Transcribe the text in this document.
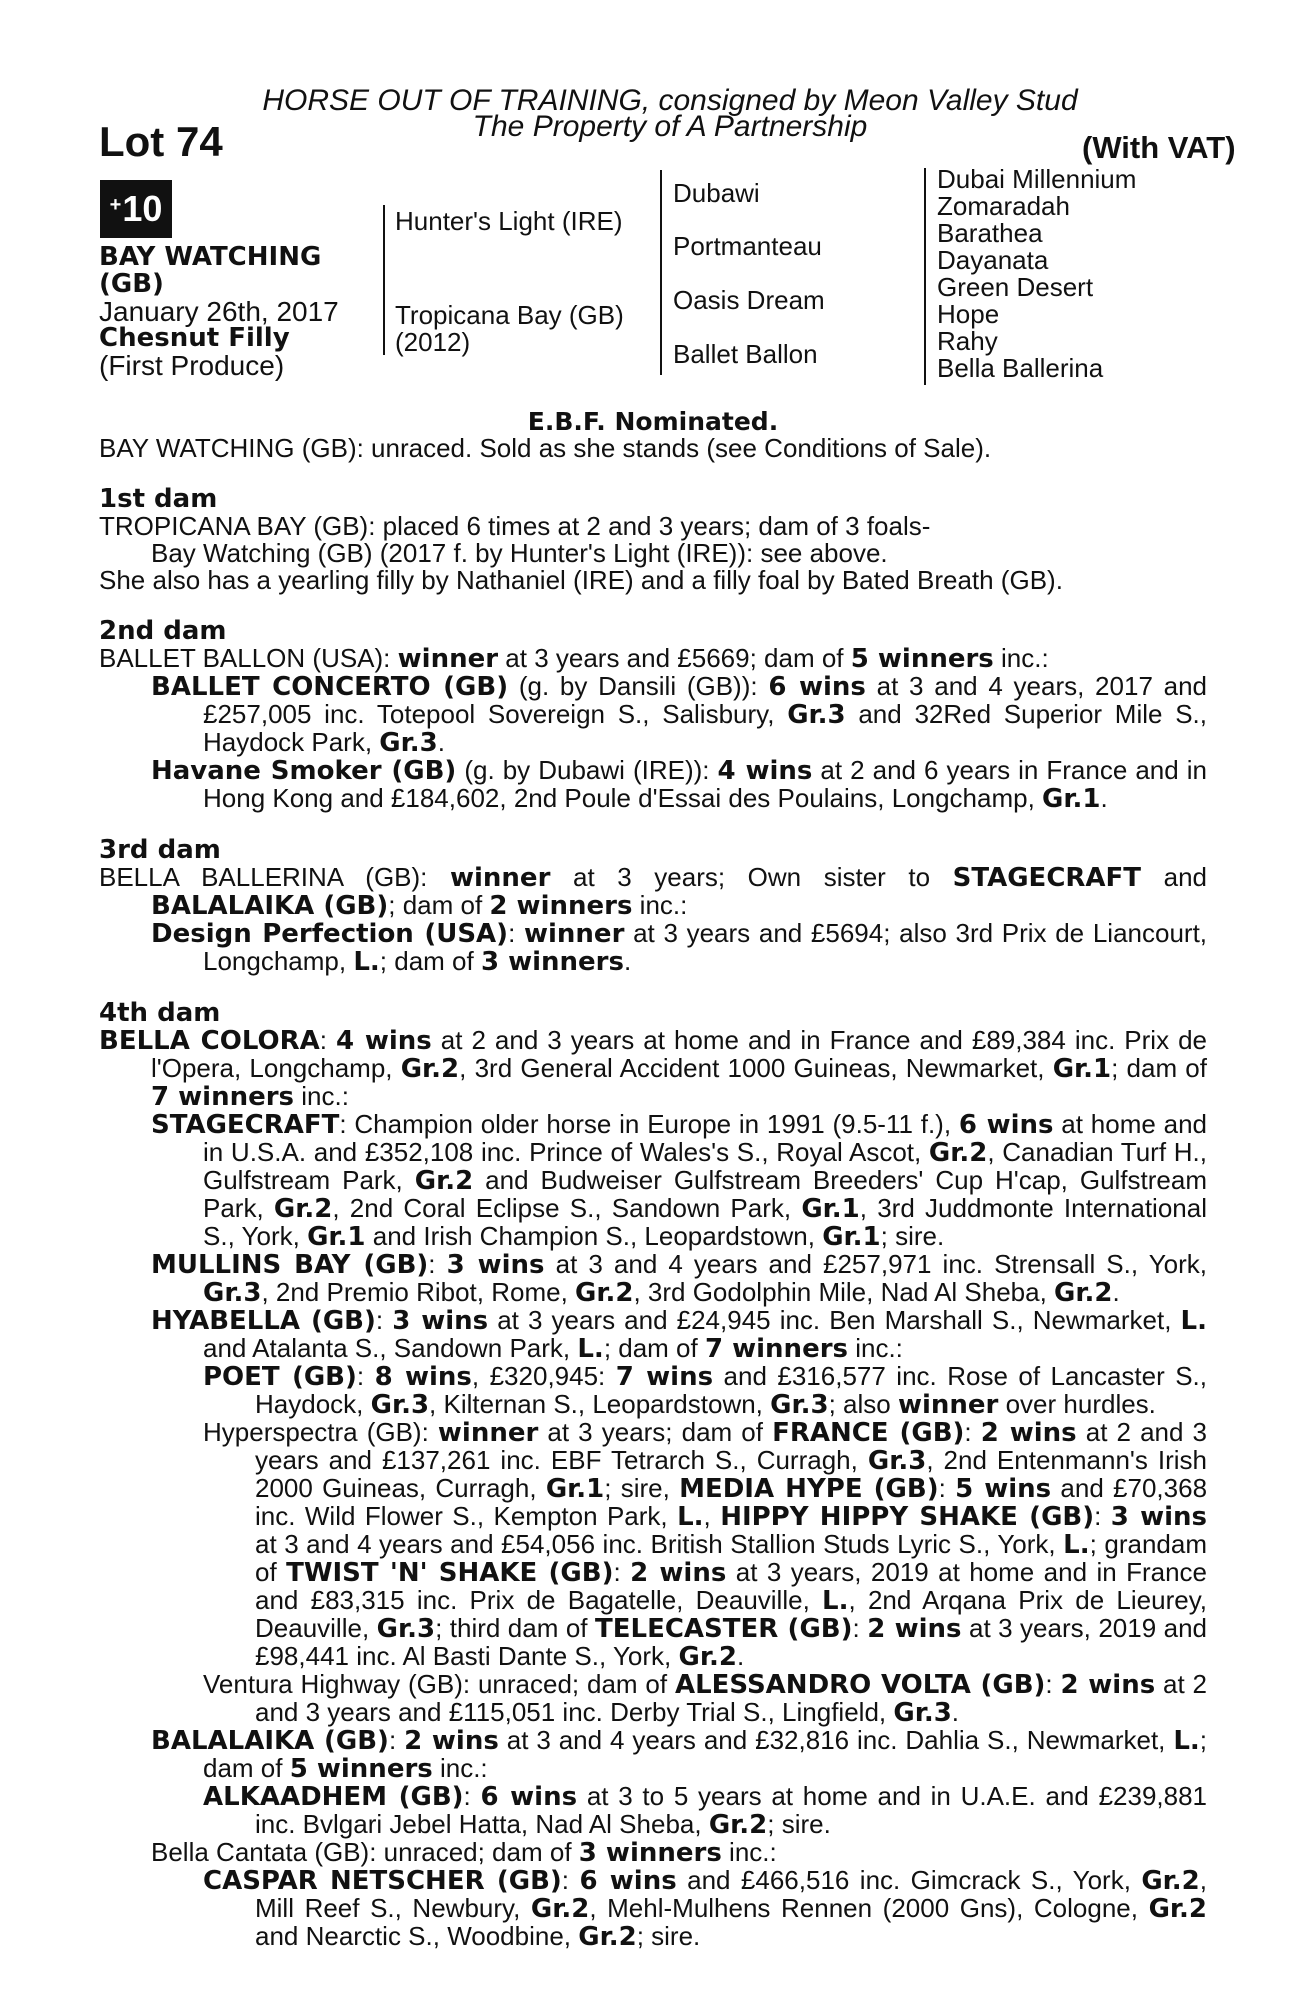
HORSE OUT OF TRAINING, consigned by Meon Valley Stud
The Property of A Partnership
Lot 74	(With VAT)
+ 10
BAY WATCHING
(GB)
January 26th, 2017
Chesnut Filly
(First Produce)
Hunter's Light (IRE)
Tropicana Bay (GB)
(2012)
Dubawi
Portmanteau
Oasis Dream
Ballet Ballon
Dubai Millennium
Zomaradah
Barathea
Dayanata
Green Desert
Hope
Rahy
Bella Ballerina

E.B.F. Nominated.

BAY WATCHING (GB): unraced. Sold as she stands (see Conditions of Sale).

1st dam

TROPICANA BAY (GB): placed 6 times at 2 and 3 years; dam of 3 foals-

Bay Watching (GB) (2017 f. by Hunter's Light (IRE)): see above.

She also has a yearling filly by Nathaniel (IRE) and a filly foal by Bated Breath (GB).

2nd dam

BALLET BALLON (USA): winner at 3 years and £5669; dam of 5 winners inc.:

BALLET CONCERTO (GB) (g. by Dansili (GB)): 6 wins at 3 and 4 years, 2017 and £257,005 inc. Totepool Sovereign S., Salisbury, Gr.3 and 32Red Superior Mile S., Haydock Park, Gr.3.

Havane Smoker (GB) (g. by Dubawi (IRE)): 4 wins at 2 and 6 years in France and in Hong Kong and £184,602, 2nd Poule d'Essai des Poulains, Longchamp, Gr.1.

3rd dam

BELLA BALLERINA (GB): winner at 3 years; Own sister to STAGECRAFT and BALALAIKA (GB); dam of 2 winners inc.:

Design Perfection (USA): winner at 3 years and £5694; also 3rd Prix de Liancourt, Longchamp, L.; dam of 3 winners.

4th dam

BELLA COLORA: 4 wins at 2 and 3 years at home and in France and £89,384 inc. Prix de l'Opera, Longchamp, Gr.2, 3rd General Accident 1000 Guineas, Newmarket, Gr.1; dam of 7 winners inc.:

STAGECRAFT: Champion older horse in Europe in 1991 (9.5-11 f.), 6 wins at home and in U.S.A. and £352,108 inc. Prince of Wales's S., Royal Ascot, Gr.2, Canadian Turf H., Gulfstream Park, Gr.2 and Budweiser Gulfstream Breeders' Cup H'cap, Gulfstream Park, Gr.2, 2nd Coral Eclipse S., Sandown Park, Gr.1, 3rd Juddmonte International S., York, Gr.1 and Irish Champion S., Leopardstown, Gr.1; sire.

MULLINS BAY (GB): 3 wins at 3 and 4 years and £257,971 inc. Strensall S., York, Gr.3, 2nd Premio Ribot, Rome, Gr.2, 3rd Godolphin Mile, Nad Al Sheba, Gr.2.

HYABELLA (GB): 3 wins at 3 years and £24,945 inc. Ben Marshall S., Newmarket, L. and Atalanta S., Sandown Park, L.; dam of 7 winners inc.:

POET (GB): 8 wins, £320,945: 7 wins and £316,577 inc. Rose of Lancaster S., Haydock, Gr.3, Kilternan S., Leopardstown, Gr.3; also winner over hurdles.

Hyperspectra (GB): winner at 3 years; dam of FRANCE (GB): 2 wins at 2 and 3 years and £137,261 inc. EBF Tetrarch S., Curragh, Gr.3, 2nd Entenmann's Irish 2000 Guineas, Curragh, Gr.1; sire, MEDIA HYPE (GB): 5 wins and £70,368 inc. Wild Flower S., Kempton Park, L., HIPPY HIPPY SHAKE (GB): 3 wins at 3 and 4 years and £54,056 inc. British Stallion Studs Lyric S., York, L.; grandam of TWIST 'N' SHAKE (GB): 2 wins at 3 years, 2019 at home and in France and £83,315 inc. Prix de Bagatelle, Deauville, L., 2nd Arqana Prix de Lieurey, Deauville, Gr.3; third dam of TELECASTER (GB): 2 wins at 3 years, 2019 and £98,441 inc. Al Basti Dante S., York, Gr.2.

Ventura Highway (GB): unraced; dam of ALESSANDRO VOLTA (GB): 2 wins at 2 and 3 years and £115,051 inc. Derby Trial S., Lingfield, Gr.3.

BALALAIKA (GB): 2 wins at 3 and 4 years and £32,816 inc. Dahlia S., Newmarket, L.; dam of 5 winners inc.:

ALKAADHEM (GB): 6 wins at 3 to 5 years at home and in U.A.E. and £239,881 inc. Bvlgari Jebel Hatta, Nad Al Sheba, Gr.2; sire.

Bella Cantata (GB): unraced; dam of 3 winners inc.:

CASPAR NETSCHER (GB): 6 wins and £466,516 inc. Gimcrack S., York, Gr.2, Mill Reef S., Newbury, Gr.2, Mehl-Mulhens Rennen (2000 Gns), Cologne, Gr.2 and Nearctic S., Woodbine, Gr.2; sire.
